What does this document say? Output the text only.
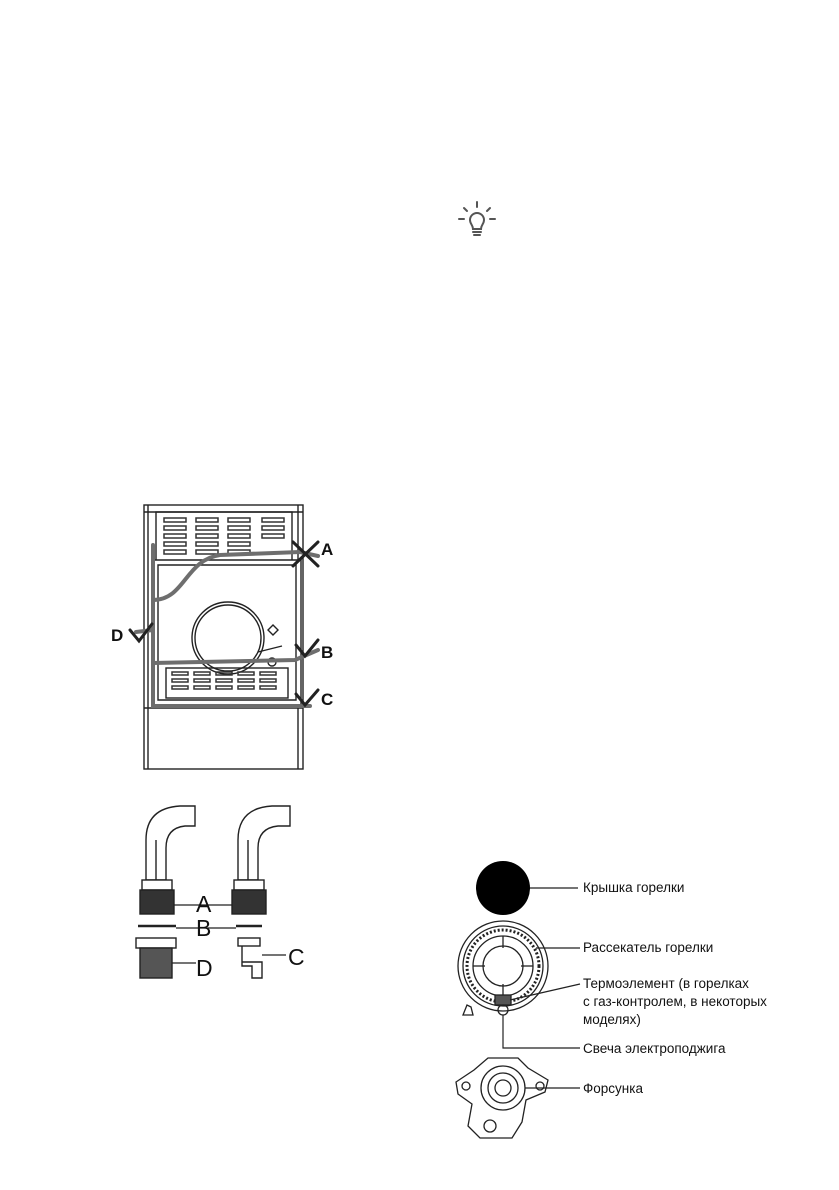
A
B
C
D
A
B
D	C
Крышка горелки
Рассекатель горелки
Термоэлемент (в горелках
с газ-контролем, в некоторых
моделях)
Свеча электроподжига
Форсунка
